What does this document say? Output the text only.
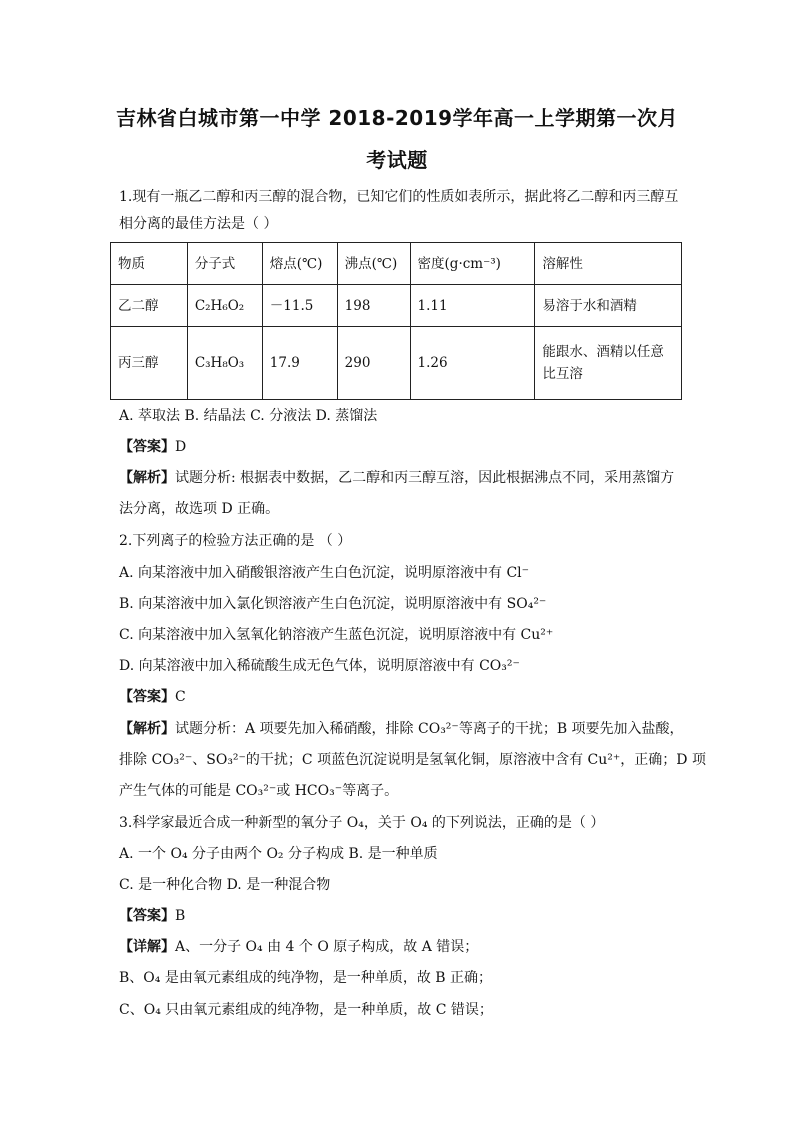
吉林省白城市第一中学 2018-2019学年高一上学期第一次月
考试题
1.现有一瓶乙二醇和丙三醇的混合物，已知它们的性质如表所示，据此将乙二醇和丙三醇互
相分离的最佳方法是（ ）
物质	分子式	熔点(℃)	沸点(℃)	密度(g·cm⁻³)	溶解性
乙二醇	C₂H₆O₂	－11.5	198	1.11	易溶于水和酒精
丙三醇	C₃H₈O₃	17.9	290	1.26	能跟水、酒精以任意比互溶
A. 萃取法 B. 结晶法 C. 分液法 D. 蒸馏法
【答案】D
【解析】试题分析: 根据表中数据，乙二醇和丙三醇互溶，因此根据沸点不同，采用蒸馏方
法分离，故选项 D 正确。
2.下列离子的检验方法正确的是 （ ）
A. 向某溶液中加入硝酸银溶液产生白色沉淀，说明原溶液中有 Cl⁻
B. 向某溶液中加入氯化钡溶液产生白色沉淀，说明原溶液中有 SO₄²⁻
C. 向某溶液中加入氢氧化钠溶液产生蓝色沉淀，说明原溶液中有 Cu²⁺
D. 向某溶液中加入稀硫酸生成无色气体，说明原溶液中有 CO₃²⁻
【答案】C
【解析】试题分析：A 项要先加入稀硝酸，排除 CO₃²⁻等离子的干扰；B 项要先加入盐酸，
排除 CO₃²⁻、SO₃²⁻的干扰；C 项蓝色沉淀说明是氢氧化铜，原溶液中含有 Cu²⁺，正确；D 项
产生气体的可能是 CO₃²⁻或 HCO₃⁻等离子。
3.科学家最近合成一种新型的氧分子 O₄，关于 O₄ 的下列说法，正确的是（ ）
A. 一个 O₄ 分子由两个 O₂ 分子构成 B. 是一种单质
C. 是一种化合物 D. 是一种混合物
【答案】B
【详解】A、一分子 O₄ 由 4 个 O 原子构成，故 A 错误；
B、O₄ 是由氧元素组成的纯净物，是一种单质，故 B 正确；
C、O₄ 只由氧元素组成的纯净物，是一种单质，故 C 错误；
